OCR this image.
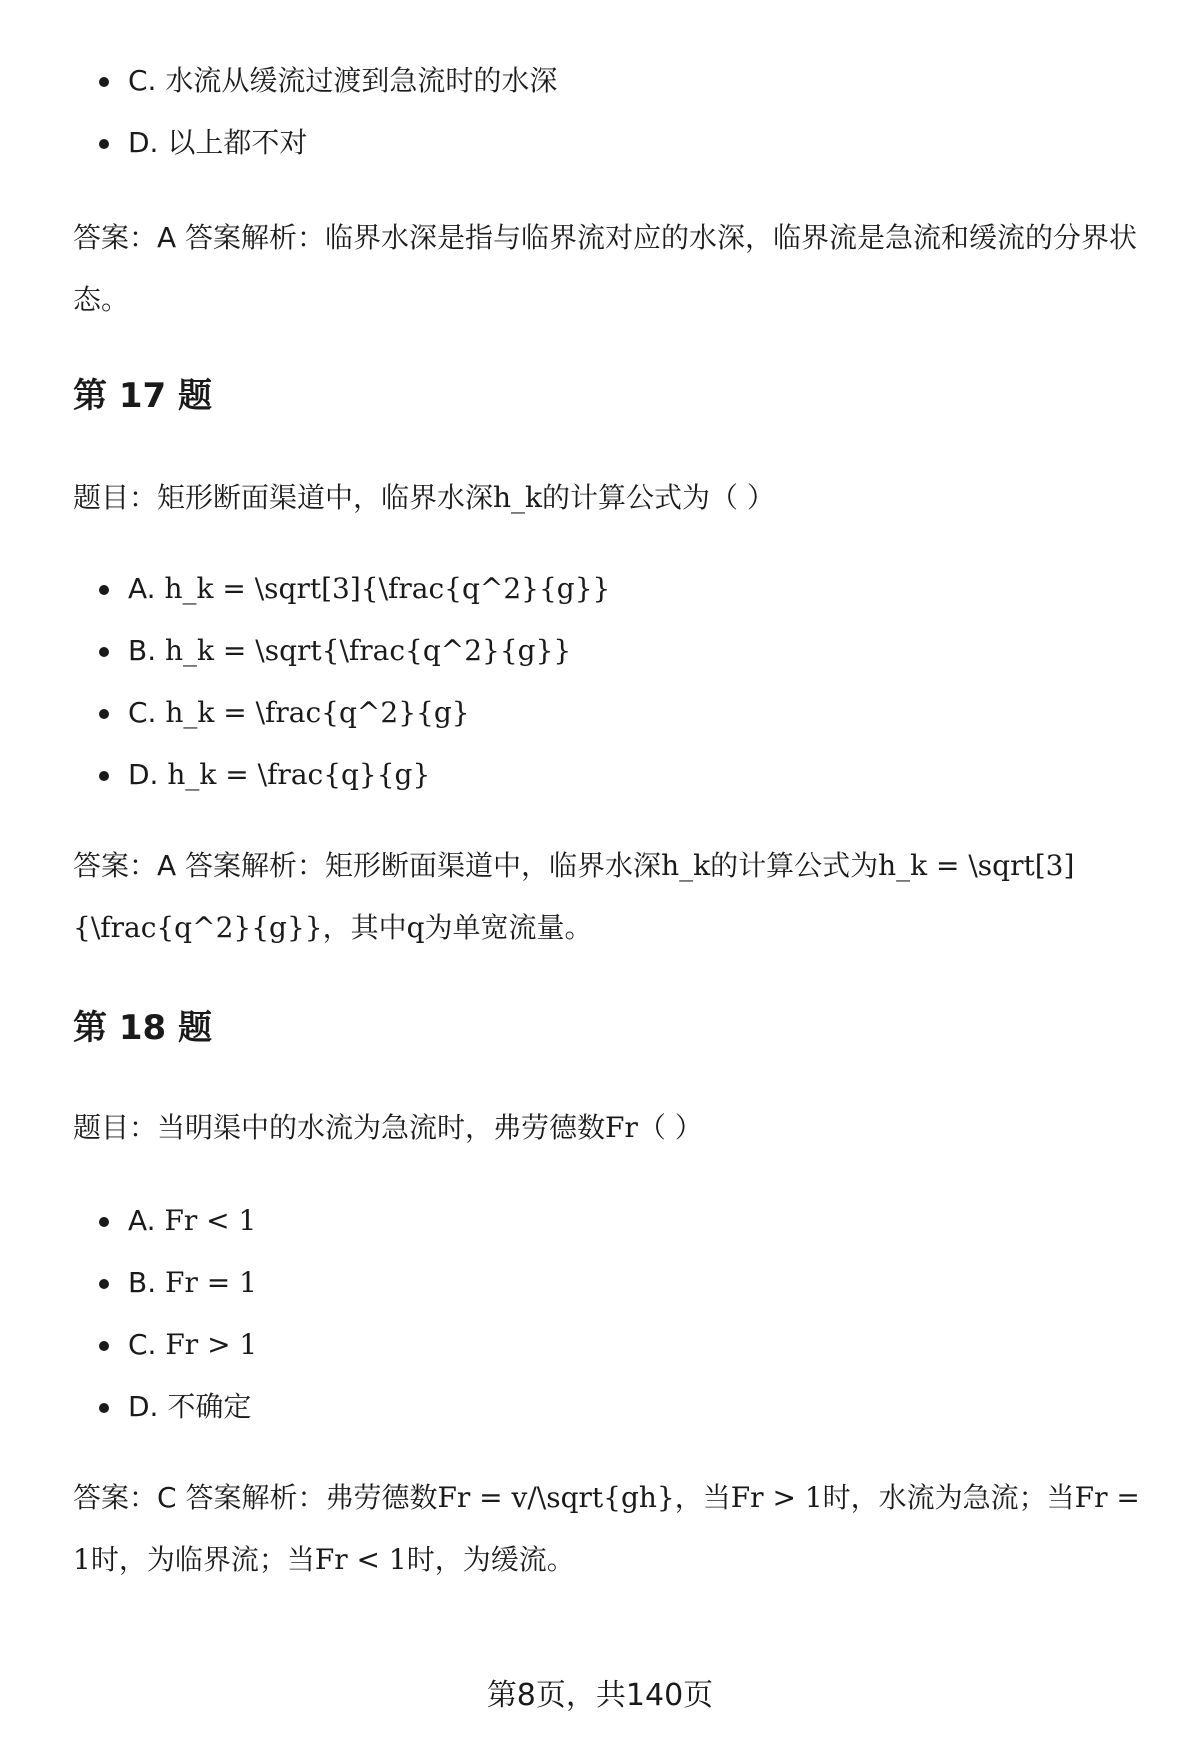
C. 水流从缓流过渡到急流时的水深
D. 以上都不对

答案：A 答案解析：临界水深是指与临界流对应的水深，临界流是急流和缓流的分界状态。

第 17 题

题目：矩形断面渠道中，临界水深h_k的计算公式为（ ）

A. h_k = \sqrt[3]{\frac{q^2}{g}}
B. h_k = \sqrt{\frac{q^2}{g}}
C. h_k = \frac{q^2}{g}
D. h_k = \frac{q}{g}

答案：A 答案解析：矩形断面渠道中，临界水深h_k的计算公式为h_k = \sqrt[3]{\frac{q^2}{g}}，其中q为单宽流量。

第 18 题

题目：当明渠中的水流为急流时，弗劳德数Fr（ ）

A. Fr < 1
B. Fr = 1
C. Fr > 1
D. 不确定

答案：C 答案解析：弗劳德数Fr = v/\sqrt{gh}，当Fr > 1时，水流为急流；当Fr = 1时，为临界流；当Fr < 1时，为缓流。

第8页，共140页
